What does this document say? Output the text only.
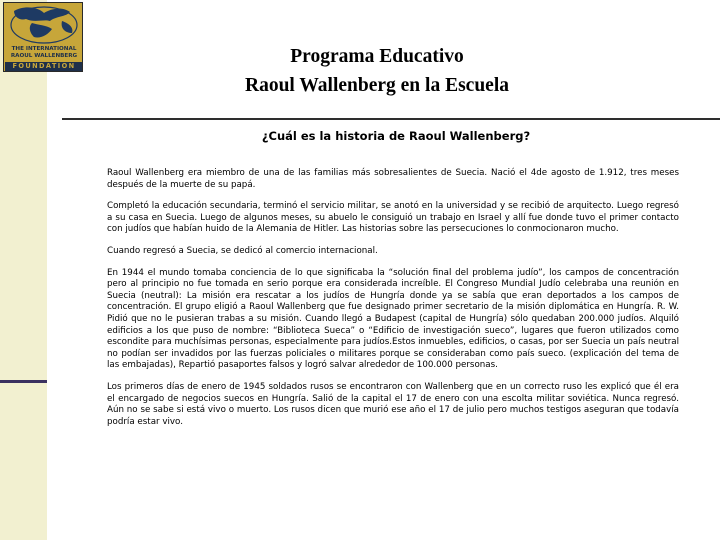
THE INTERNATIONAL
RAOUL WALLENBERG
FOUNDATION	Programa Educativo
Raoul Wallenberg en la Escuela
¿Cuál es la historia de Raoul Wallenberg?

Raoul Wallenberg era miembro de una de las familias más sobresalientes de Suecia. Nació el 4de agosto de 1.912, tres meses después de la muerte de su papá.

Completó la educación secundaria, terminó el servicio militar, se anotó en la universidad y se recibió de arquitecto. Luego regresó a su casa en Suecia. Luego de algunos meses, su abuelo le consiguió un trabajo en Israel y allí fue donde tuvo el primer contacto con judíos que habían huido de la Alemania de Hitler. Las historias sobre las persecuciones lo conmocionaron mucho.

Cuando regresó a Suecia, se dedicó al comercio internacional.

En 1944 el mundo tomaba conciencia de lo que significaba la “solución final del problema judío”, los campos de concentración pero al principio no fue tomada en serio porque era considerada increíble. El Congreso Mundial Judío celebraba una reunión en Suecia (neutral): La misión era rescatar a los judíos de Hungría donde ya se sabía que eran deportados a los campos de concentración. El grupo eligió a Raoul Wallenberg que fue designado primer secretario de la misión diplomática en Hungría. R. W. Pidió que no le pusieran trabas a su misión. Cuando llegó a Budapest (capital de Hungría) sólo quedaban 200.000 judíos. Alquiló edificios a los que puso de nombre: “Biblioteca Sueca” o “Edificio de investigación sueco”, lugares que fueron utilizados como escondite para muchísimas personas, especialmente para judíos.Estos inmuebles, edificios, o casas, por ser Suecia un país neutral no podían ser invadidos por las fuerzas policiales o militares porque se consideraban como país sueco. (explicación del tema de las embajadas), Repartió pasaportes falsos y logró salvar alrededor de 100.000 personas.

Los primeros días de enero de 1945 soldados rusos se encontraron con Wallenberg que en un correcto ruso les explicó que él era el encargado de negocios suecos en Hungría. Salió de la capital el 17 de enero con una escolta militar soviética. Nunca regresó. Aún no se sabe si está vivo o muerto. Los rusos dicen que murió ese año el 17 de julio pero muchos testigos aseguran que todavía podría estar vivo.
